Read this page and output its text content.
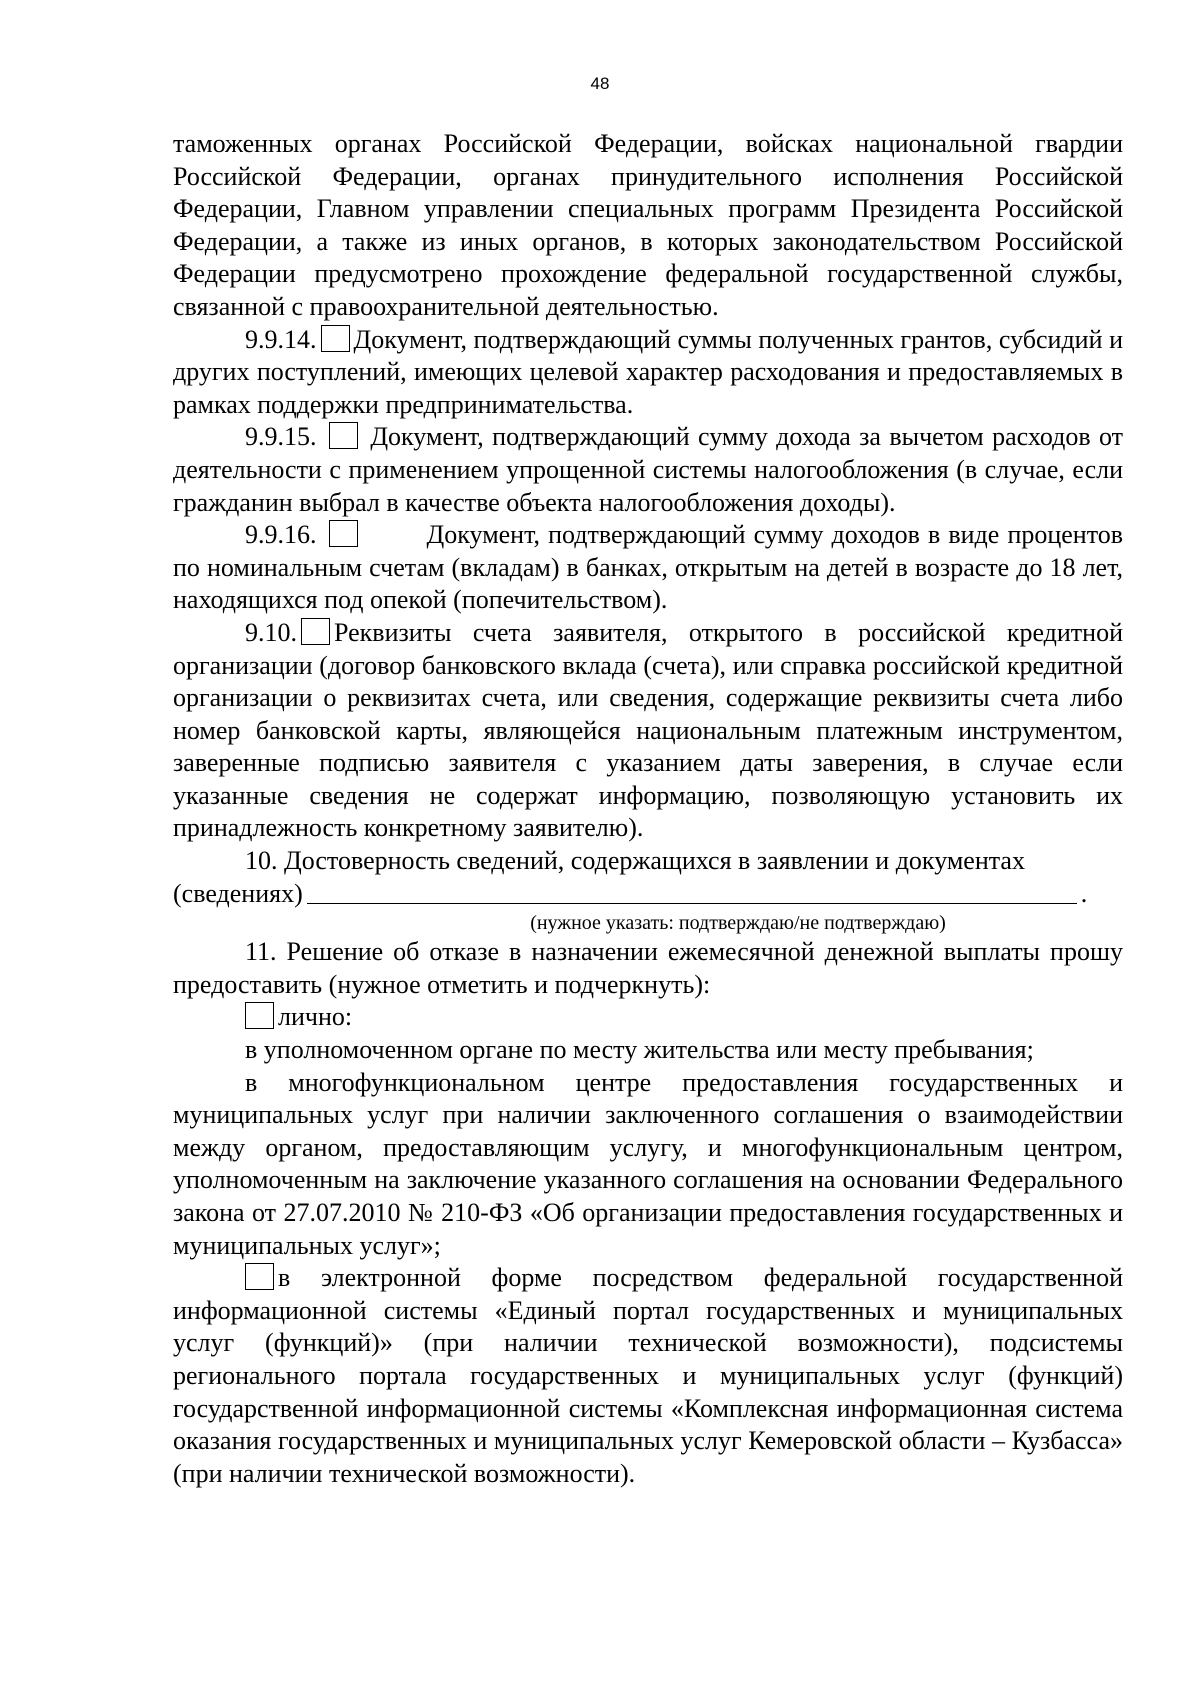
48

таможенных органах Российской Федерации, войсках национальной гвардии Российской Федерации, органах принудительного исполнения Российской Федерации, Главном управлении специальных программ Президента Российской Федерации, а также из иных органов, в которых законодательством Российской Федерации предусмотрено прохождение федеральной государственной службы, связанной с правоохранительной деятельностью.

9.9.14. Документ, подтверждающий суммы полученных грантов, субсидий и других поступлений, имеющих целевой характер расходования и предоставляемых в рамках поддержки предпринимательства.

9.9.15. Документ, подтверждающий сумму дохода за вычетом расходов от деятельности с применением упрощенной системы налогообложения (в случае, если гражданин выбрал в качестве объекта налогообложения доходы).

9.9.16.	Документ, подтверждающий сумму доходов в виде процентов по номинальным счетам (вкладам) в банках, открытым на детей в возрасте до 18 лет, находящихся под опекой (попечительством).

9.10. Реквизиты счета заявителя, открытого в российской кредитной организации (договор банковского вклада (счета), или справка российской кредитной организации о реквизитах счета, или сведения, содержащие реквизиты счета либо номер банковской карты, являющейся национальным платежным инструментом, заверенные подписью заявителя с указанием даты заверения, в случае если указанные сведения не содержат информацию, позволяющую установить их принадлежность конкретному заявителю).

10. Достоверность сведений, содержащихся в заявлении и документах (сведениях)	.

(нужное указать: подтверждаю/не подтверждаю)

11. Решение об отказе в назначении ежемесячной денежной выплаты прошу предоставить (нужное отметить и подчеркнуть):

лично:

в уполномоченном органе по месту жительства или месту пребывания;

в многофункциональном центре предоставления государственных и муниципальных услуг при наличии заключенного соглашения о взаимодействии между органом, предоставляющим услугу, и многофункциональным центром, уполномоченным на заключение указанного соглашения на основании Федерального закона от 27.07.2010 № 210-ФЗ «Об организации предоставления государственных и муниципальных услуг»;

в электронной форме посредством федеральной государственной информационной системы «Единый портал государственных и муниципальных услуг (функций)» (при наличии технической возможности), подсистемы регионального портала государственных и муниципальных услуг (функций) государственной информационной системы «Комплексная информационная система оказания государственных и муниципальных услуг Кемеровской области – Кузбасса» (при наличии технической возможности).
